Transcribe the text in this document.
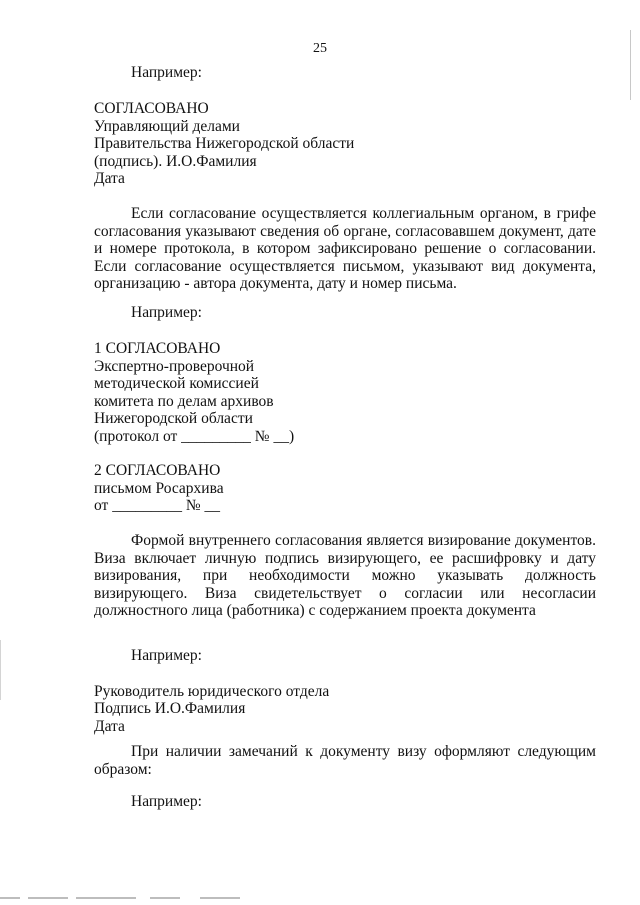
25

Например:

СОГЛАСОВАНО

Управляющий делами

Правительства Нижегородской области

(подпись). И.О.Фамилия

Дата

Если согласование осуществляется коллегиальным органом, в грифе согласования указывают сведения об органе, согласовавшем документ, дате и номере протокола, в котором зафиксировано решение о согласовании. Если согласование осуществляется письмом, указывают вид документа, организацию - автора документа, дату и номер письма.

Например:

1 СОГЛАСОВАНО

Экспертно-проверочной

методической комиссией

комитета по делам архивов

Нижегородской области

(протокол от _________ № __)

2 СОГЛАСОВАНО

письмом Росархива

от _________ № __

Формой внутреннего согласования является визирование документов. Виза включает личную подпись визирующего, ее расшифровку и дату визирования, при необходимости можно указывать должность визирующего. Виза свидетельствует о согласии или несогласии должностного лица (работника) с содержанием проекта документа

Например:

Руководитель юридического отдела

Подпись И.О.Фамилия

Дата

При наличии замечаний к документу визу оформляют следующим образом:

Например:
